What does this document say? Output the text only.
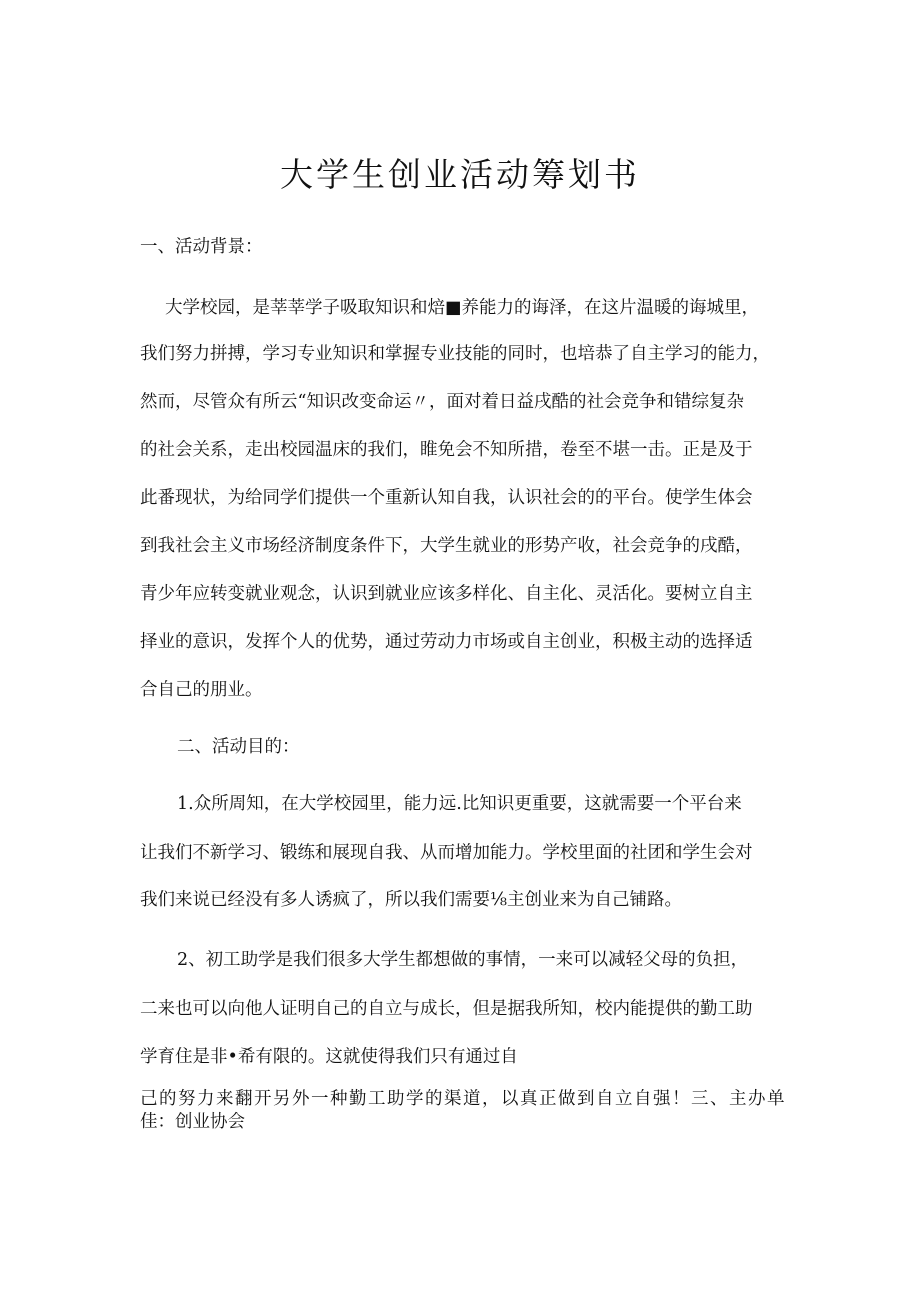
大学生创业活动筹划书

一、活动背景：

大学校园，是莘莘学子吸取知识和焙■养能力的诲泽，在这片温暖的诲城里，

我们努力拼搏，学习专业知识和掌握专业技能的同时，也培恭了自主学习的能力，

然而，尽管众有所云“知识改变命运〃，面对着日益戌酷的社会竞争和错综复杂

的社会关系，走出校园温床的我们，睢免会不知所措，卷至不堪一击。正是及于

此番现状，为给同学们提供一个重新认知自我，认识社会的的平台。使学生体会

到我社会主义市场经济制度条件下，大学生就业的形势产收，社会竞争的戌酷，

青少年应转变就业观念，认识到就业应该多样化、自主化、灵活化。要树立自主

择业的意识，发挥个人的优势，通过劳动力市场或自主创业，积极主动的选择适

合自己的朋业。

二、活动目的：

1.众所周知，在大学校园里，能力远.比知识更重要，这就需要一个平台来

让我们不新学习、锻练和展现自我、从而增加能力。学校里面的社团和学生会对

我们来说已经没有多人诱疯了，所以我们需要⅛主创业来为自己铺路。

2、初工助学是我们很多大学生都想做的事情，一来可以减轻父母的负担，

二来也可以向他人证明自己的自立与成长，但是据我所知，校内能提供的勤工助

学育住是非•希有限的。这就使得我们只有通过自

己的努力来翻开另外一种勤工助学的渠道，以真正做到自立自强！三、主办单

佳：创业协会
